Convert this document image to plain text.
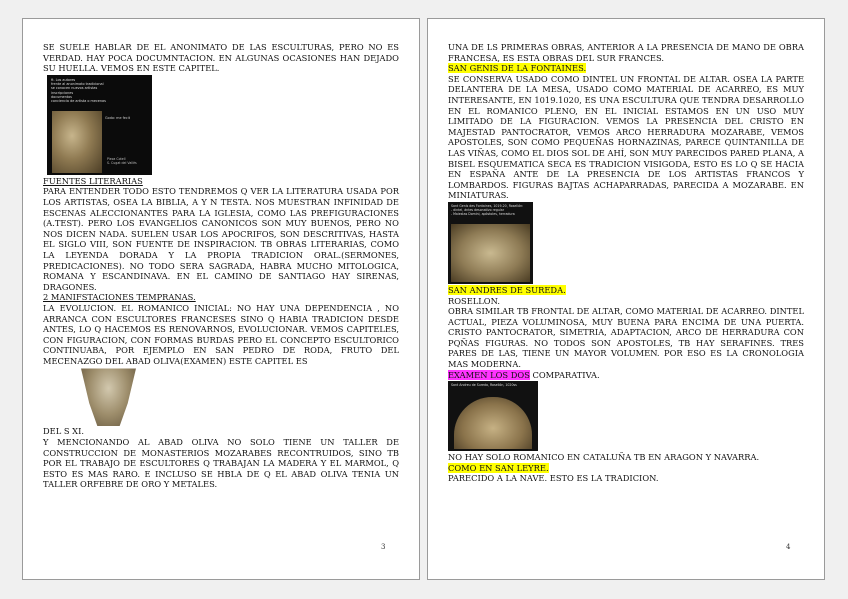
SE SUELE HABLAR DE EL ANONIMATO DE LAS ESCULTURAS, PERO NO ES VERDAD. HAY POCA DOCUMNTACION. EN ALGUNAS OCASIONES HAN DEJADO SU HUELLA. VEMOS EN ESTE CAPITEL.

ft. Los autores
frente al anonimato tradicional
se conocen nuevos artistas
inscripciones
documentos
conciencia de artista o mecenas
Godo: me fecit
Pieza Cotell
S. Cugat del Vallès

FUENTES LITERARIAS

PARA ENTENDER TODO ESTO TENDREMOS Q VER LA LITERATURA USADA POR LOS ARTISTAS, OSEA LA BIBLIA, A Y N TESTA. NOS MUESTRAN INFINIDAD DE ESCENAS ALECCIONANTES PARA LA IGLESIA, COMO LAS PREFIGURACIONES (A.TEST). PERO LOS EVANGELIOS CANONICOS SON MUY BUENOS, PERO NO NOS DICEN NADA. SUELEN USAR LOS APOCRIFOS, SON DESCRITIVAS, HASTA EL SIGLO VIII, SON FUENTE DE INSPIRACION. TB OBRAS LITERARIAS, COMO LA LEYENDA DORADA Y LA PROPIA TRADICION ORAL.(SERMONES, PREDICACIONES). NO TODO SERA SAGRADA, HABRA MUCHO MITOLOGICA, ROMANA Y ESCANDINAVA. EN EL CAMINO DE SANTIAGO HAY SIRENAS, DRAGONES.

2 MANIFSTACIONES TEMPRANAS.

LA EVOLUCION. EL ROMANICO INICIAL: NO HAY UNA DEPENDENCIA , NO ARRANCA CON ESCULTORES FRANCESES SINO Q HABIA TRADICION DESDE ANTES, LO Q HACEMOS ES RENOVARNOS, EVOLUCIONAR. VEMOS CAPITELES, CON FIGURACION, CON FORMAS BURDAS PERO EL CONCEPTO ESCULTORICO CONTINUABA, POR EJEMPLO EN SAN PEDRO DE RODA, FRUTO DEL MECENAZGO DEL ABAD OLIVA(EXAMEN) ESTE CAPITEL ES

DEL S XI.

Y MENCIONANDO AL ABAD OLIVA NO SOLO TIENE UN TALLER DE CONSTRUCCION DE MONASTERIOS MOZARABES RECONTRUIDOS, SINO TB POR EL TRABAJO DE ESCULTORES Q TRABAJAN LA MADERA Y EL MARMOL, Q ESTO ES MAS RARO. E INCLUSO SE HBLA DE Q EL ABAD OLIVA TENIA UN TALLER ORFEBRE DE ORO Y METALES.

3

UNA DE LS PRIMERAS OBRAS, ANTERIOR A LA PRESENCIA DE MANO DE OBRA FRANCESA, ES ESTA OBRAS DEL SUR FRANCES.

SAN GENIS DE LA FONTAINES.

SE CONSERVA USADO COMO DINTEL UN FRONTAL DE ALTAR. OSEA LA PARTE DELANTERA DE LA MESA, USADO COMO MATERIAL DE ACARREO, ES MUY INTERESANTE, EN 1019.1020, ES UNA ESCULTURA QUE TENDRA DESARROLLO EN EL ROMANICO PLENO, EN EL INICIAL ESTAMOS EN UN USO MUY LIMITADO DE LA FIGURACION. VEMOS LA PRESENCIA DEL CRISTO EN MAJESTAD PANTOCRATOR, VEMOS ARCO HERRADURA MOZARABE, VEMOS APOSTOLES, SON COMO PEQUEÑAS HORNAZINAS, PARECE QUINTANILLA DE LAS VIÑAS, COMO EL DIOS SOL DE AHÍ, SON MUY PARECIDOS PARED PLANA, A BISEL ESQUEMATICA SECA ES TRADICION VISIGODA, ESTO ES LO Q SE HACIA EN ESPAÑA ANTE DE LA PRESENCIA DE LOS ARTISTAS FRANCOS Y LOMBARDOS. FIGURAS BAJTAS ACHAPARRADAS, PARECIDA A MOZARABE. EN MINIATURAS.

Sant Genís des Fontaines, 1019-20, Rosellón:
- dintel, ántes desonativo regular
- Maiestas Domini, apóstoles, herradura

SAN ANDRES DE SUREDA.

ROSELLON.

OBRA SIMILAR TB FRONTAL DE ALTAR, COMO MATERIAL DE ACARREO. DINTEL ACTUAL, PIEZA VOLUMINOSA, MUY BUENA PARA ENCIMA DE UNA PUERTA. CRISTO PANTOCRATOR, SIMETRIA, ADAPTACION, ARCO DE HERRADURA CON PQÑAS FIGURAS. NO TODOS SON APOSTOLES, TB HAY SERAFINES. TRES PARES DE LAS, TIENE UN MAYOR VOLUMEN. POR ESO ES LA CRONOLOGIA MAS MODERNA.

EXAMEN LOS DOS COMPARATIVA.

Sant Andreu de Sureda, Rosellón, 1020ss

NO HAY SOLO ROMANICO EN CATALUÑA TB EN ARAGON Y NAVARRA.

COMO EN SAN LEYRE.

PARECIDO A LA NAVE. ESTO ES LA TRADICION.

4
